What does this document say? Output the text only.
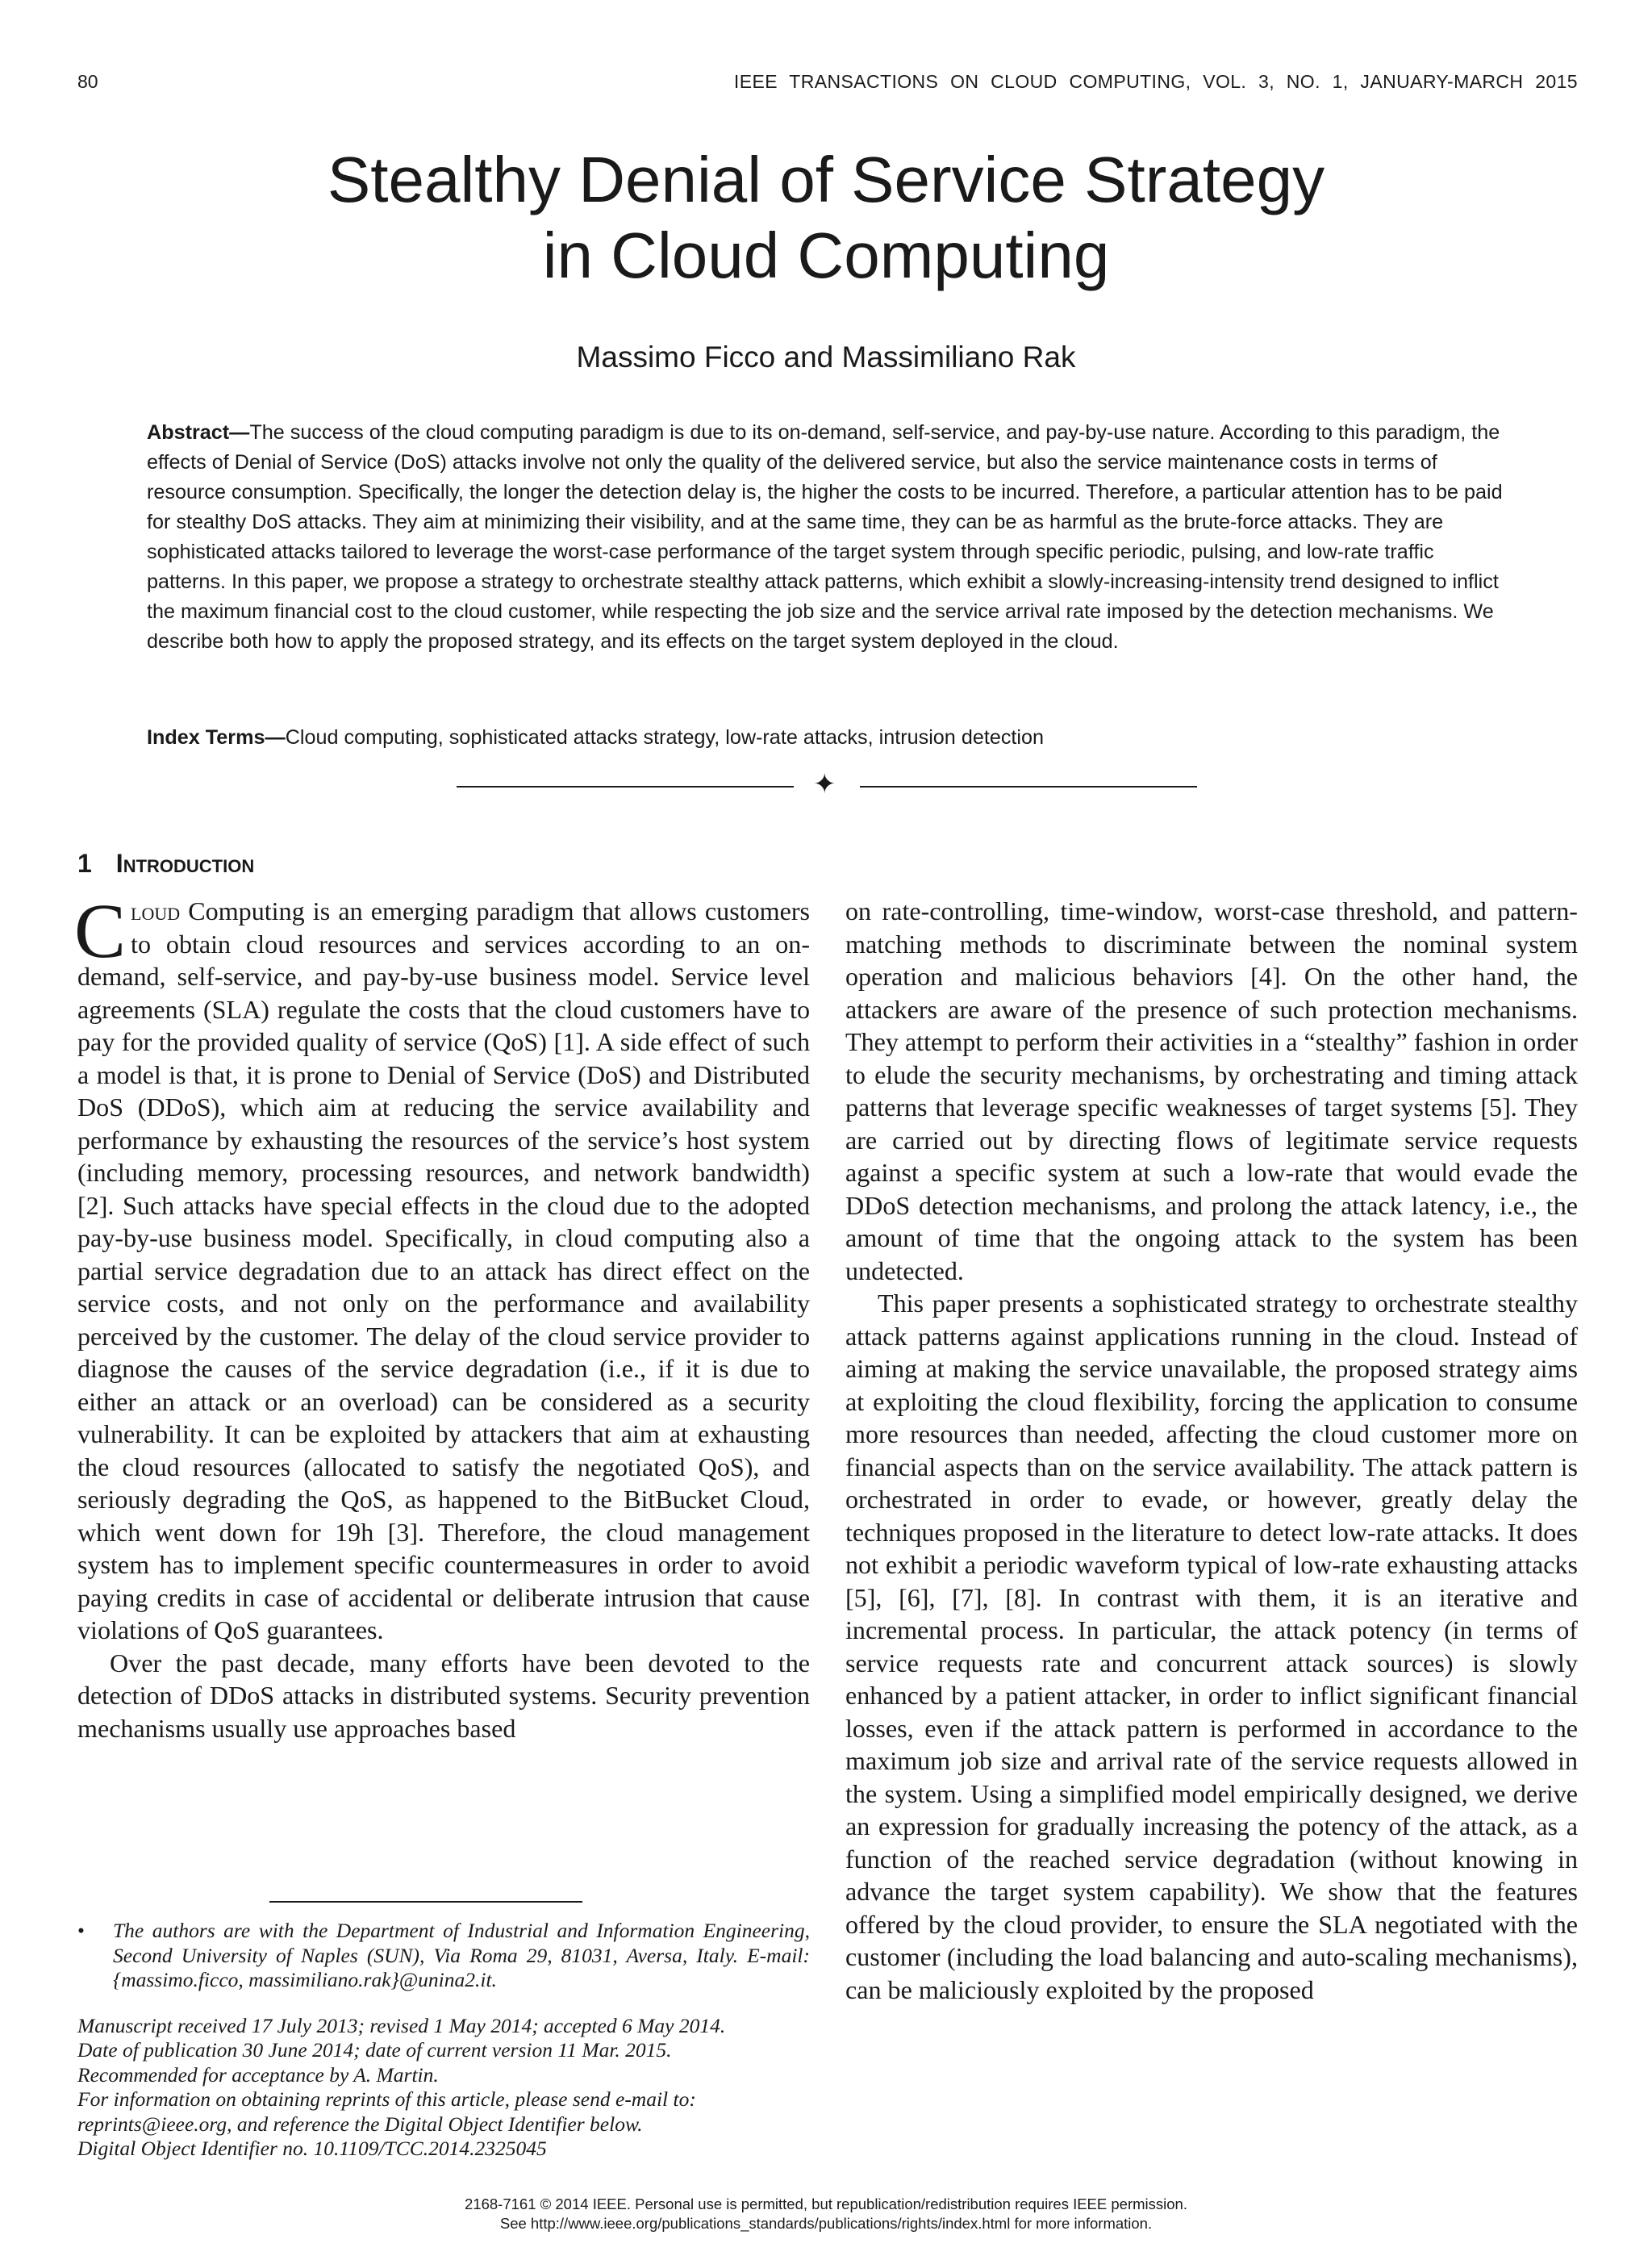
80	IEEE TRANSACTIONS ON CLOUD COMPUTING, VOL. 3, NO. 1, JANUARY-MARCH 2015
Stealthy Denial of Service Strategy
in Cloud Computing
Massimo Ficco and Massimiliano Rak
Abstract—The success of the cloud computing paradigm is due to its on-demand, self-service, and pay-by-use nature. According to this paradigm, the effects of Denial of Service (DoS) attacks involve not only the quality of the delivered service, but also the service maintenance costs in terms of resource consumption. Specifically, the longer the detection delay is, the higher the costs to be incurred. Therefore, a particular attention has to be paid for stealthy DoS attacks. They aim at minimizing their visibility, and at the same time, they can be as harmful as the brute-force attacks. They are sophisticated attacks tailored to leverage the worst-case performance of the target system through specific periodic, pulsing, and low-rate traffic patterns. In this paper, we propose a strategy to orchestrate stealthy attack patterns, which exhibit a slowly-increasing-intensity trend designed to inflict the maximum financial cost to the cloud customer, while respecting the job size and the service arrival rate imposed by the detection mechanisms. We describe both how to apply the proposed strategy, and its effects on the target system deployed in the cloud.
Index Terms—Cloud computing, sophisticated attacks strategy, low-rate attacks, intrusion detection
✦
1 Introduction

Cloud Computing is an emerging paradigm that allows customers to obtain cloud resources and services according to an on-demand, self-service, and pay-by-use business model. Service level agreements (SLA) regulate the costs that the cloud customers have to pay for the provided quality of service (QoS) [1]. A side effect of such a model is that, it is prone to Denial of Service (DoS) and Distributed DoS (DDoS), which aim at reducing the service availability and performance by exhausting the resources of the service’s host system (including memory, processing resources, and network bandwidth) [2]. Such attacks have special effects in the cloud due to the adopted pay-by-use business model. Specifically, in cloud computing also a partial service degradation due to an attack has direct effect on the service costs, and not only on the performance and availability perceived by the customer. The delay of the cloud service provider to diagnose the causes of the service degradation (i.e., if it is due to either an attack or an overload) can be considered as a security vulnerability. It can be exploited by attackers that aim at exhausting the cloud resources (allocated to satisfy the negotiated QoS), and seriously degrading the QoS, as happened to the BitBucket Cloud, which went down for 19h [3]. Therefore, the cloud management system has to implement specific countermeasures in order to avoid paying credits in case of accidental or deliberate intrusion that cause violations of QoS guarantees.

Over the past decade, many efforts have been devoted to the detection of DDoS attacks in distributed systems. Security prevention mechanisms usually use approaches based

on rate-controlling, time-window, worst-case threshold, and pattern-matching methods to discriminate between the nominal system operation and malicious behaviors [4]. On the other hand, the attackers are aware of the presence of such protection mechanisms. They attempt to perform their activities in a “stealthy” fashion in order to elude the security mechanisms, by orchestrating and timing attack patterns that leverage specific weaknesses of target systems [5]. They are carried out by directing flows of legitimate service requests against a specific system at such a low-rate that would evade the DDoS detection mechanisms, and prolong the attack latency, i.e., the amount of time that the ongoing attack to the system has been undetected.

This paper presents a sophisticated strategy to orchestrate stealthy attack patterns against applications running in the cloud. Instead of aiming at making the service unavailable, the proposed strategy aims at exploiting the cloud flexibility, forcing the application to consume more resources than needed, affecting the cloud customer more on financial aspects than on the service availability. The attack pattern is orchestrated in order to evade, or however, greatly delay the techniques proposed in the literature to detect low-rate attacks. It does not exhibit a periodic waveform typical of low-rate exhausting attacks [5], [6], [7], [8]. In contrast with them, it is an iterative and incremental process. In particular, the attack potency (in terms of service requests rate and concurrent attack sources) is slowly enhanced by a patient attacker, in order to inflict significant financial losses, even if the attack pattern is performed in accordance to the maximum job size and arrival rate of the service requests allowed in the system. Using a simplified model empirically designed, we derive an expression for gradually increasing the potency of the attack, as a function of the reached service degradation (without knowing in advance the target system capability). We show that the features offered by the cloud provider, to ensure the SLA negotiated with the customer (including the load balancing and auto-scaling mechanisms), can be maliciously exploited by the proposed

• The authors are with the Department of Industrial and Information Engineering, Second University of Naples (SUN), Via Roma 29, 81031, Aversa, Italy. E-mail: {massimo.ficco, massimiliano.rak}@unina2.it.
Manuscript received 17 July 2013; revised 1 May 2014; accepted 6 May 2014.
Date of publication 30 June 2014; date of current version 11 Mar. 2015.
Recommended for acceptance by A. Martin.
For information on obtaining reprints of this article, please send e-mail to:
reprints@ieee.org, and reference the Digital Object Identifier below.
Digital Object Identifier no. 10.1109/TCC.2014.2325045
2168-7161 © 2014 IEEE. Personal use is permitted, but republication/redistribution requires IEEE permission.
See http://www.ieee.org/publications_standards/publications/rights/index.html for more information.
